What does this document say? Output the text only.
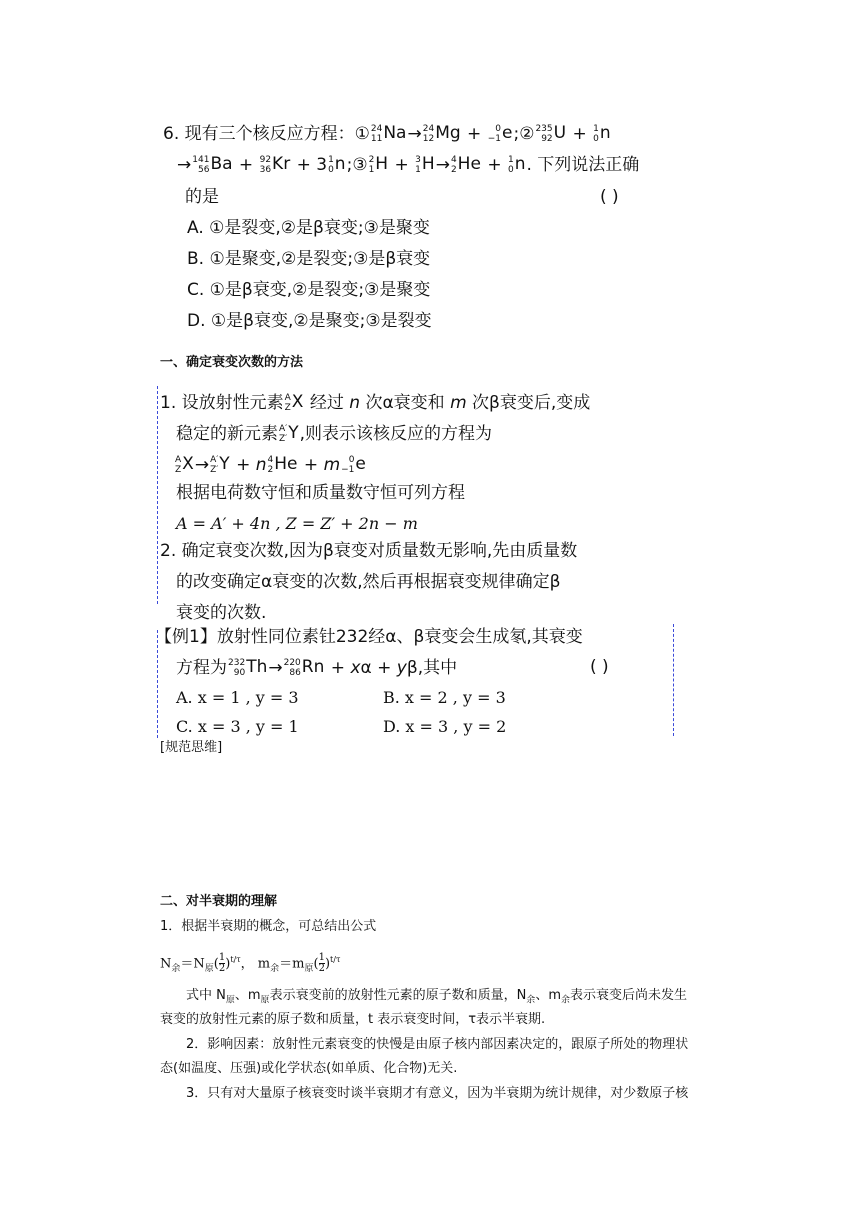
6. 现有三个核反应方程：① 24
11 Na→ 24
12 Mg + 0
−1 e;② 235
92 U + 1
0 n
→ 141
56 Ba + 92
36 Kr + 3 1
0 n;③ 2
1 H + 3
1 H→ 4
2 He + 1
0 n. 下列说法正确
的是	( )
A. ①是裂变,②是β衰变;③是聚变
B. ①是聚变,②是裂变;③是β衰变
C. ①是β衰变,②是裂变;③是聚变
D. ①是β衰变,②是聚变;③是裂变
一、确定衰变次数的方法
1. 设放射性元素 A
Z X 经过 n 次α衰变和 m 次β衰变后,变成
稳定的新元素 A′
Z′ Y,则表示该核反应的方程为
A
Z X→ A′
Z′ Y + n 4
2 He + m 0
−1 e
根据电荷数守恒和质量数守恒可列方程
A = A′ + 4n , Z = Z′ + 2n − m
2. 确定衰变次数,因为β衰变对质量数无影响,先由质量数
的改变确定α衰变的次数,然后再根据衰变规律确定β
衰变的次数.
【例1】放射性同位素钍232经α、β衰变会生成氡,其衰变
方程为 232
90 Th→ 220
86 Rn + xα + yβ,其中	( )
A. x = 1 , y = 3	B. x = 2 , y = 3
C. x = 3 , y = 1	D. x = 3 , y = 2
[规范思维]
二、对半衰期的理解
1．根据半衰期的概念，可总结出公式
$N_余=N_原( \frac{1}{2} )^{t/\tau}$， $m_余=m_原( \frac{1}{2} )^{t/\tau}$
式中 $N_原$、$m_原$表示衰变前的放射性元素的原子数和质量，$N_余$、$m_余$表示衰变后尚未发生
衰变的放射性元素的原子数和质量，t 表示衰变时间，τ表示半衰期.
2．影响因素：放射性元素衰变的快慢是由原子核内部因素决定的，跟原子所处的物理状
态(如温度、压强)或化学状态(如单质、化合物)无关.
3．只有对大量原子核衰变时谈半衰期才有意义，因为半衰期为统计规律，对少数原子核
